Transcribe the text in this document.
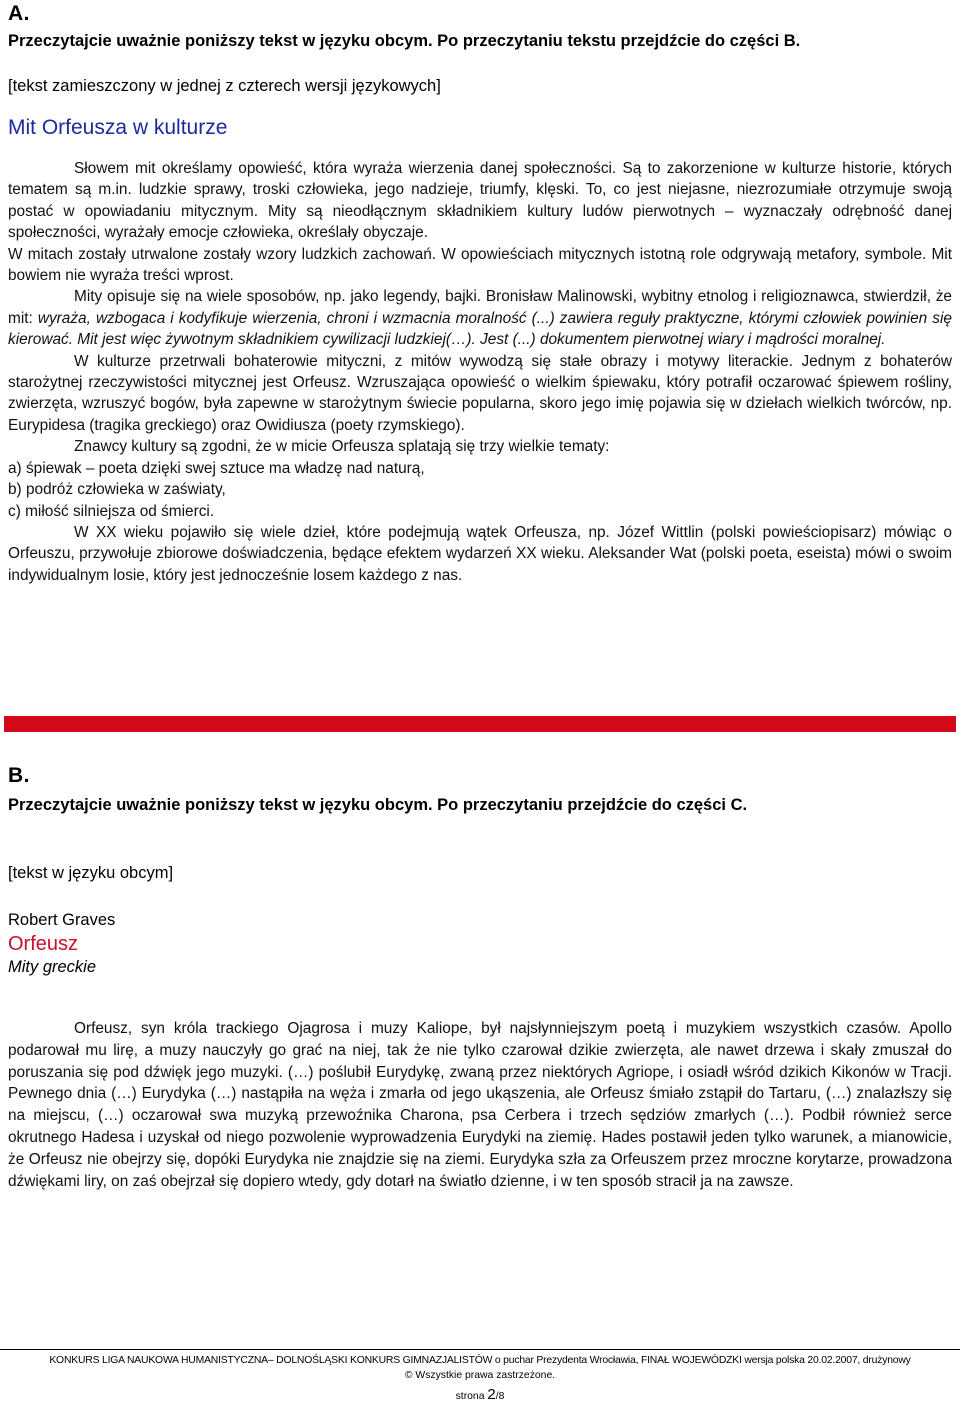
A.
Przeczytajcie uważnie poniższy tekst w języku obcym. Po przeczytaniu tekstu przejdźcie do części B.
[tekst zamieszczony w jednej z czterech wersji językowych]
Mit Orfeusza w kulturze

Słowem mit określamy opowieść, która wyraża wierzenia danej społeczności. Są to zakorzenione w kulturze historie, których tematem są m.in. ludzkie sprawy, troski człowieka, jego nadzieje, triumfy, klęski. To, co jest niejasne, niezrozumiałe otrzymuje swoją postać w opowiadaniu mitycznym. Mity są nieodłącznym składnikiem kultury ludów pierwotnych – wyznaczały odrębność danej społeczności, wyrażały emocje człowieka, określały obyczaje.

W mitach zostały utrwalone zostały wzory ludzkich zachowań. W opowieściach mitycznych istotną role odgrywają metafory, symbole. Mit bowiem nie wyraża treści wprost.

Mity opisuje się na wiele sposobów, np. jako legendy, bajki. Bronisław Malinowski, wybitny etnolog i religioznawca, stwierdził, że mit: wyraża, wzbogaca i kodyfikuje wierzenia, chroni i wzmacnia moralność (...) zawiera reguły praktyczne, którymi człowiek powinien się kierować. Mit jest więc żywotnym składnikiem cywilizacji ludzkiej(…). Jest (...) dokumentem pierwotnej wiary i mądrości moralnej.

W kulturze przetrwali bohaterowie mityczni, z mitów wywodzą się stałe obrazy i motywy literackie. Jednym z bohaterów starożytnej rzeczywistości mitycznej jest Orfeusz. Wzruszająca opowieść o wielkim śpiewaku, który potrafił oczarować śpiewem rośliny, zwierzęta, wzruszyć bogów, była zapewne w starożytnym świecie popularna, skoro jego imię pojawia się w dziełach wielkich twórców, np. Eurypidesa (tragika greckiego) oraz Owidiusza (poety rzymskiego).

Znawcy kultury są zgodni, że w micie Orfeusza splatają się trzy wielkie tematy:

a) śpiewak – poeta dzięki swej sztuce ma władzę nad naturą,

b) podróż człowieka w zaświaty,

c) miłość silniejsza od śmierci.

W XX wieku pojawiło się wiele dzieł, które podejmują wątek Orfeusza, np. Józef Wittlin (polski powieściopisarz) mówiąc o Orfeuszu, przywołuje zbiorowe doświadczenia, będące efektem wydarzeń XX wieku. Aleksander Wat (polski poeta, eseista) mówi o swoim indywidualnym losie, który jest jednocześnie losem każdego z nas.

B.
Przeczytajcie uważnie poniższy tekst w języku obcym. Po przeczytaniu przejdźcie do części C.
[tekst w języku obcym]
Robert Graves
Orfeusz
Mity greckie

Orfeusz, syn króla trackiego Ojagrosa i muzy Kaliope, był najsłynniejszym poetą i muzykiem wszystkich czasów. Apollo podarował mu lirę, a muzy nauczyły go grać na niej, tak że nie tylko czarował dzikie zwierzęta, ale nawet drzewa i skały zmuszał do poruszania się pod dźwięk jego muzyki. (…) poślubił Eurydykę, zwaną przez niektórych Agriope, i osiadł wśród dzikich Kikonów w Tracji. Pewnego dnia (…) Eurydyka (…) nastąpiła na węża i zmarła od jego ukąszenia, ale Orfeusz śmiało zstąpił do Tartaru, (…) znalazłszy się na miejscu, (…) oczarował swa muzyką przewoźnika Charona, psa Cerbera i trzech sędziów zmarłych (…). Podbił również serce okrutnego Hadesa i uzyskał od niego pozwolenie wyprowadzenia Eurydyki na ziemię. Hades postawił jeden tylko warunek, a mianowicie, że Orfeusz nie obejrzy się, dopóki Eurydyka nie znajdzie się na ziemi. Eurydyka szła za Orfeuszem przez mroczne korytarze, prowadzona dźwiękami liry, on zaś obejrzał się dopiero wtedy, gdy dotarł na światło dzienne, i w ten sposób stracił ja na zawsze.

KONKURS LIGA NAUKOWA HUMANISTYCZNA– DOLNOŚLĄSKI KONKURS GIMNAZJALISTÓW o puchar Prezydenta Wrocławia, FINAŁ WOJEWÓDZKI wersja polska 20.02.2007, drużynowy
© Wszystkie prawa zastrzeżone.
strona 2/8
